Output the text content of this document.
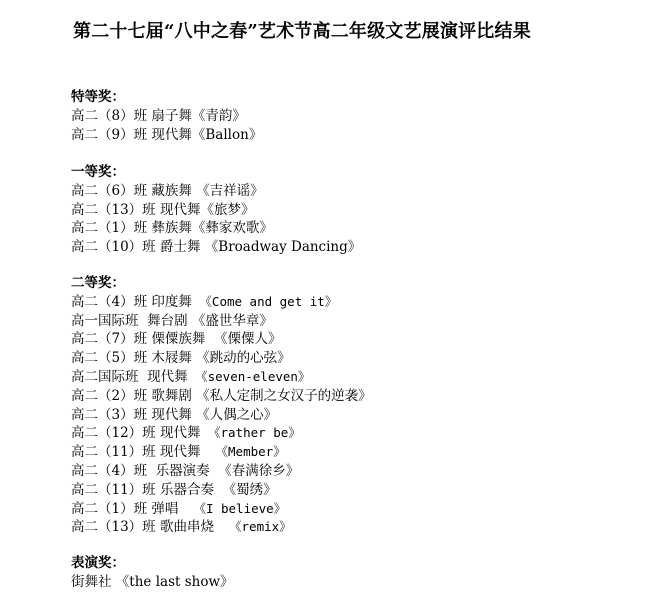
第二十七届“八中之春”艺术节高二年级文艺展演评比结果
特等奖：
高二（8）班 扇子舞《青韵》
高二（9）班 现代舞《Ballon》
一等奖：
高二（6）班 藏族舞 《吉祥谣》
高二（13）班 现代舞《旅梦》
高二（1）班 彝族舞《彝家欢歌》
高二（10）班 爵士舞 《Broadway Dancing》
二等奖：
高二（4）班 印度舞 《Come and get it》
高一国际班 舞台剧 《盛世华章》
高二（7）班 傈僳族舞  《傈僳人》
高二（5）班 木屐舞 《跳动的心弦》
高二国际班 现代舞 《seven-eleven》
高二（2）班 歌舞剧 《私人定制之女汉子的逆袭》
高二（3）班 现代舞 《人偶之心》
高二（12）班 现代舞 《rather be》
高二（11）班 现代舞  《Member》
高二（4）班 乐器演奏  《春满徐乡》
高二（11）班 乐器合奏  《蜀绣》
高二（1）班 弹唱  《I believe》
高二（13）班 歌曲串烧  《remix》
表演奖：
街舞社 《the last show》
